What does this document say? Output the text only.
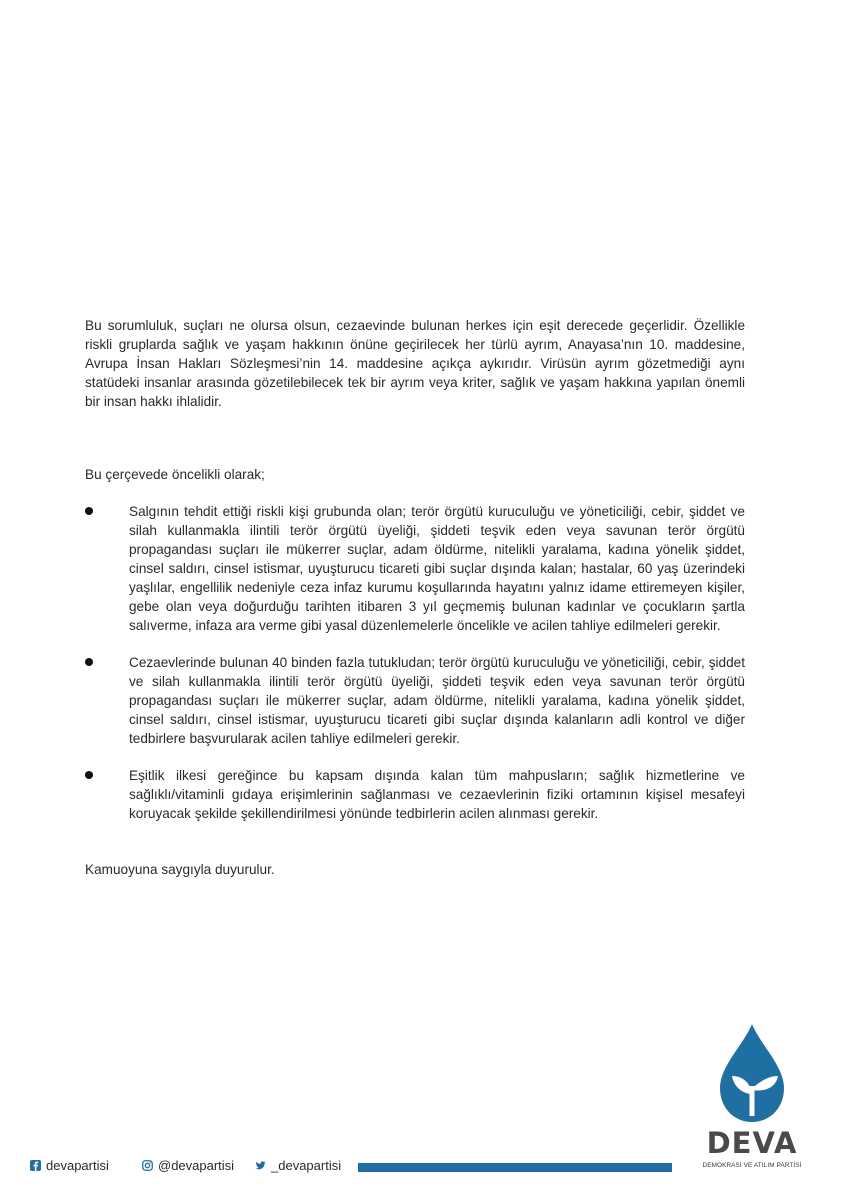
Bu sorumluluk, suçları ne olursa olsun, cezaevinde bulunan herkes için eşit derecede geçerlidir. Özellikle riskli gruplarda sağlık ve yaşam hakkının önüne geçirilecek her türlü ayrım, Anayasa’nın 10. maddesine, Avrupa İnsan Hakları Sözleşmesi’nin 14. maddesine açıkça aykırıdır. Virüsün ayrım gözetmediği aynı statüdeki insanlar arasında gözetilebilecek tek bir ayrım veya kriter, sağlık ve yaşam hakkına yapılan önemli bir insan hakkı ihlalidir.

Bu çerçevede öncelikli olarak;

Salgının tehdit ettiği riskli kişi grubunda olan; terör örgütü kuruculuğu ve yöneticiliği, cebir, şiddet ve silah kullanmakla ilintili terör örgütü üyeliği, şiddeti teşvik eden veya savunan terör örgütü propagandası suçları ile mükerrer suçlar, adam öldürme, nitelikli yaralama, kadına yönelik şiddet, cinsel saldırı, cinsel istismar, uyuşturucu ticareti gibi suçlar dışında kalan; hastalar, 60 yaş üzerindeki yaşlılar, engellilik nedeniyle ceza infaz kurumu koşullarında hayatını yalnız idame ettiremeyen kişiler, gebe olan veya doğurduğu tarihten itibaren 3 yıl geçmemiş bulunan kadınlar ve çocukların şartla salıverme, infaza ara verme gibi yasal düzenlemelerle öncelikle ve acilen tahliye edilmeleri gerekir.
Cezaevlerinde bulunan 40 binden fazla tutukludan; terör örgütü kuruculuğu ve yöneticiliği, cebir, şiddet ve silah kullanmakla ilintili terör örgütü üyeliği, şiddeti teşvik eden veya savunan terör örgütü propagandası suçları ile mükerrer suçlar, adam öldürme, nitelikli yaralama, kadına yönelik şiddet, cinsel saldırı, cinsel istismar, uyuşturucu ticareti gibi suçlar dışında kalanların adli kontrol ve diğer tedbirlere başvurularak acilen tahliye edilmeleri gerekir.
Eşitlik ilkesi gereğince bu kapsam dışında kalan tüm mahpusların; sağlık hizmetlerine ve sağlıklı/vitaminli gıdaya erişimlerinin sağlanması ve cezaevlerinin fiziki ortamının kişisel mesafeyi koruyacak şekilde şekillendirilmesi yönünde tedbirlerin acilen alınması gerekir.

Kamuoyuna saygıyla duyurulur.

DEVA
DEMOKRASİ VE ATILIM PARTİSİ
devapartisi	@devapartisi	_devapartisi
